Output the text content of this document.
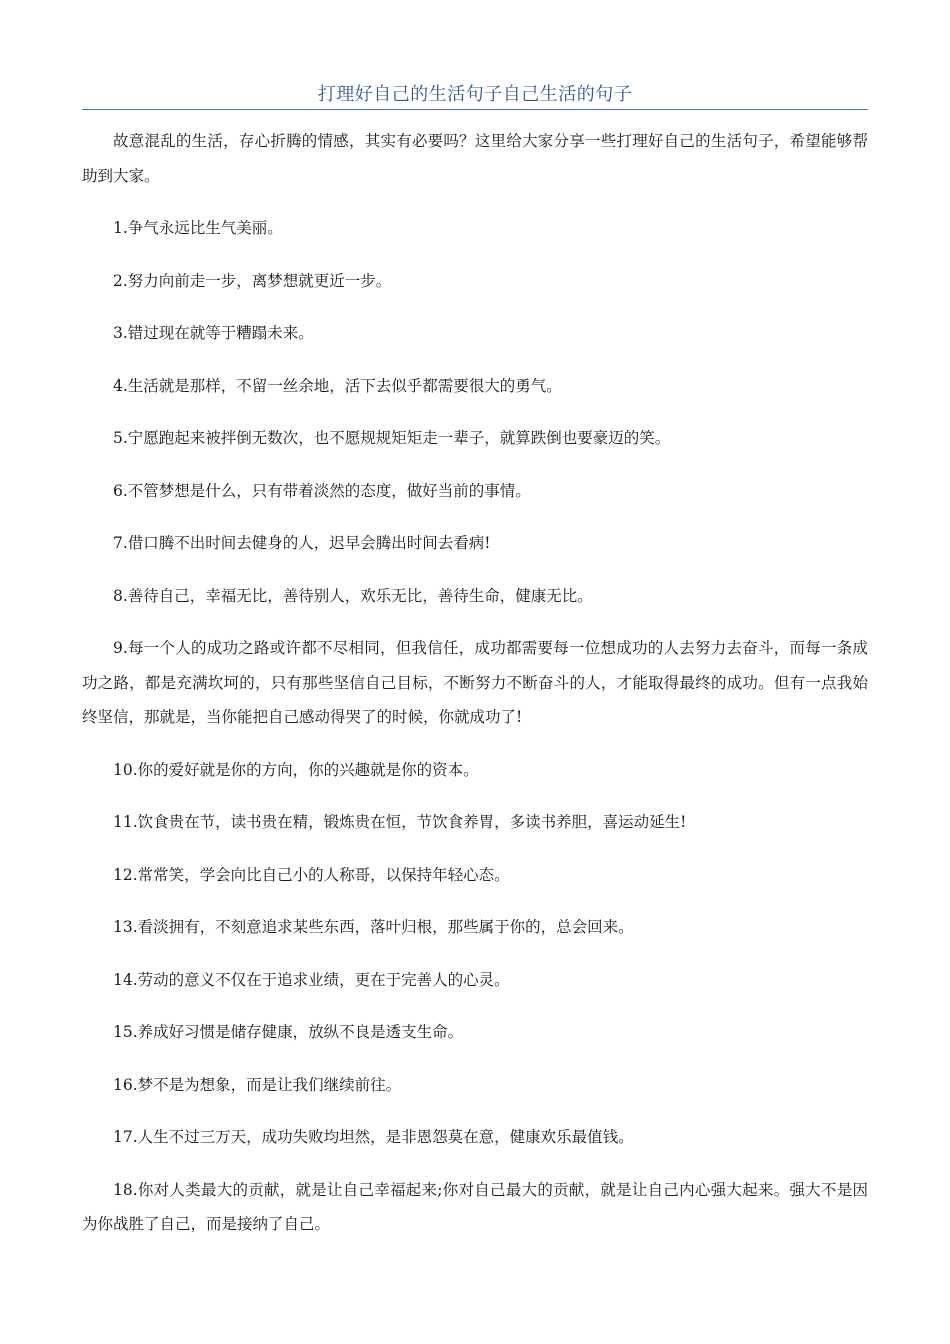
打理好自己的生活句子自己生活的句子

故意混乱的生活，存心折腾的情感，其实有必要吗？这里给大家分享一些打理好自己的生活句子，希望能够帮助到大家。

1.争气永远比生气美丽。

2.努力向前走一步，离梦想就更近一步。

3.错过现在就等于糟蹋未来。

4.生活就是那样，不留一丝余地，活下去似乎都需要很大的勇气。

5.宁愿跑起来被拌倒无数次，也不愿规规矩矩走一辈子，就算跌倒也要豪迈的笑。

6.不管梦想是什么，只有带着淡然的态度，做好当前的事情。

7.借口腾不出时间去健身的人，迟早会腾出时间去看病!

8.善待自己，幸福无比，善待别人，欢乐无比，善待生命，健康无比。

9.每一个人的成功之路或许都不尽相同，但我信任，成功都需要每一位想成功的人去努力去奋斗，而每一条成功之路，都是充满坎坷的，只有那些坚信自己目标，不断努力不断奋斗的人，才能取得最终的成功。但有一点我始终坚信，那就是，当你能把自己感动得哭了的时候，你就成功了!

10.你的爱好就是你的方向，你的兴趣就是你的资本。

11.饮食贵在节，读书贵在精，锻炼贵在恒，节饮食养胃，多读书养胆，喜运动延生!

12.常常笑，学会向比自己小的人称哥，以保持年轻心态。

13.看淡拥有，不刻意追求某些东西，落叶归根，那些属于你的，总会回来。

14.劳动的意义不仅在于追求业绩，更在于完善人的心灵。

15.养成好习惯是储存健康，放纵不良是透支生命。

16.梦不是为想象，而是让我们继续前往。

17.人生不过三万天，成功失败均坦然，是非恩怨莫在意，健康欢乐最值钱。

18.你对人类最大的贡献，就是让自己幸福起来;你对自己最大的贡献，就是让自己内心强大起来。强大不是因为你战胜了自己，而是接纳了自己。
